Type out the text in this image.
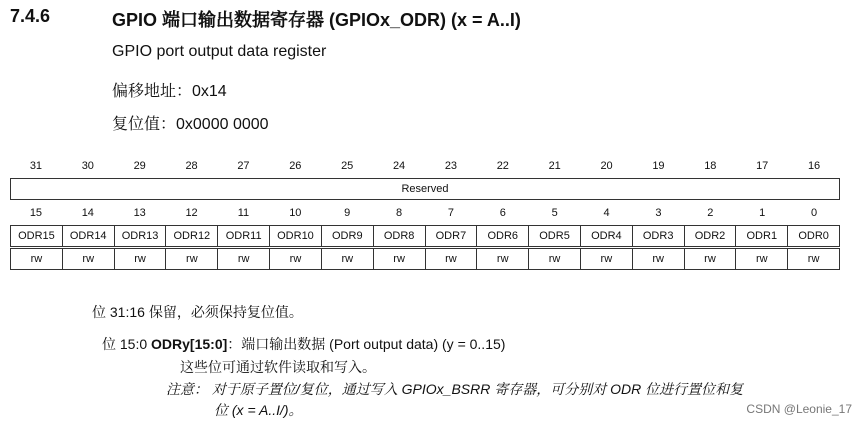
7.4.6	GPIO 端口输出数据寄存器 (GPIOx_ODR) (x = A..I)
GPIO port output data register
偏移地址：0x14
复位值：0x0000 0000
31	30	29	28	27	26	25	24	23	22	21	20	19	18	17	16
Reserved
15	14	13	12	11	10	9	8	7	6	5	4	3	2	1	0
ODR15	ODR14	ODR13	ODR12	ODR11	ODR10	ODR9	ODR8	ODR7	ODR6	ODR5	ODR4	ODR3	ODR2	ODR1	ODR0
rw	rw	rw	rw	rw	rw	rw	rw	rw	rw	rw	rw	rw	rw	rw	rw
位 31:16 保留，必须保持复位值。
位 15:0 ODRy[15:0]：端口输出数据 (Port output data) (y = 0..15)
这些位可通过软件读取和写入。
注意： 对于原子置位/复位，通过写入 GPIOx_BSRR 寄存器，可分别对 ODR 位进行置位和复
位 (x = A..I/)。	CSDN @Leonie_17
